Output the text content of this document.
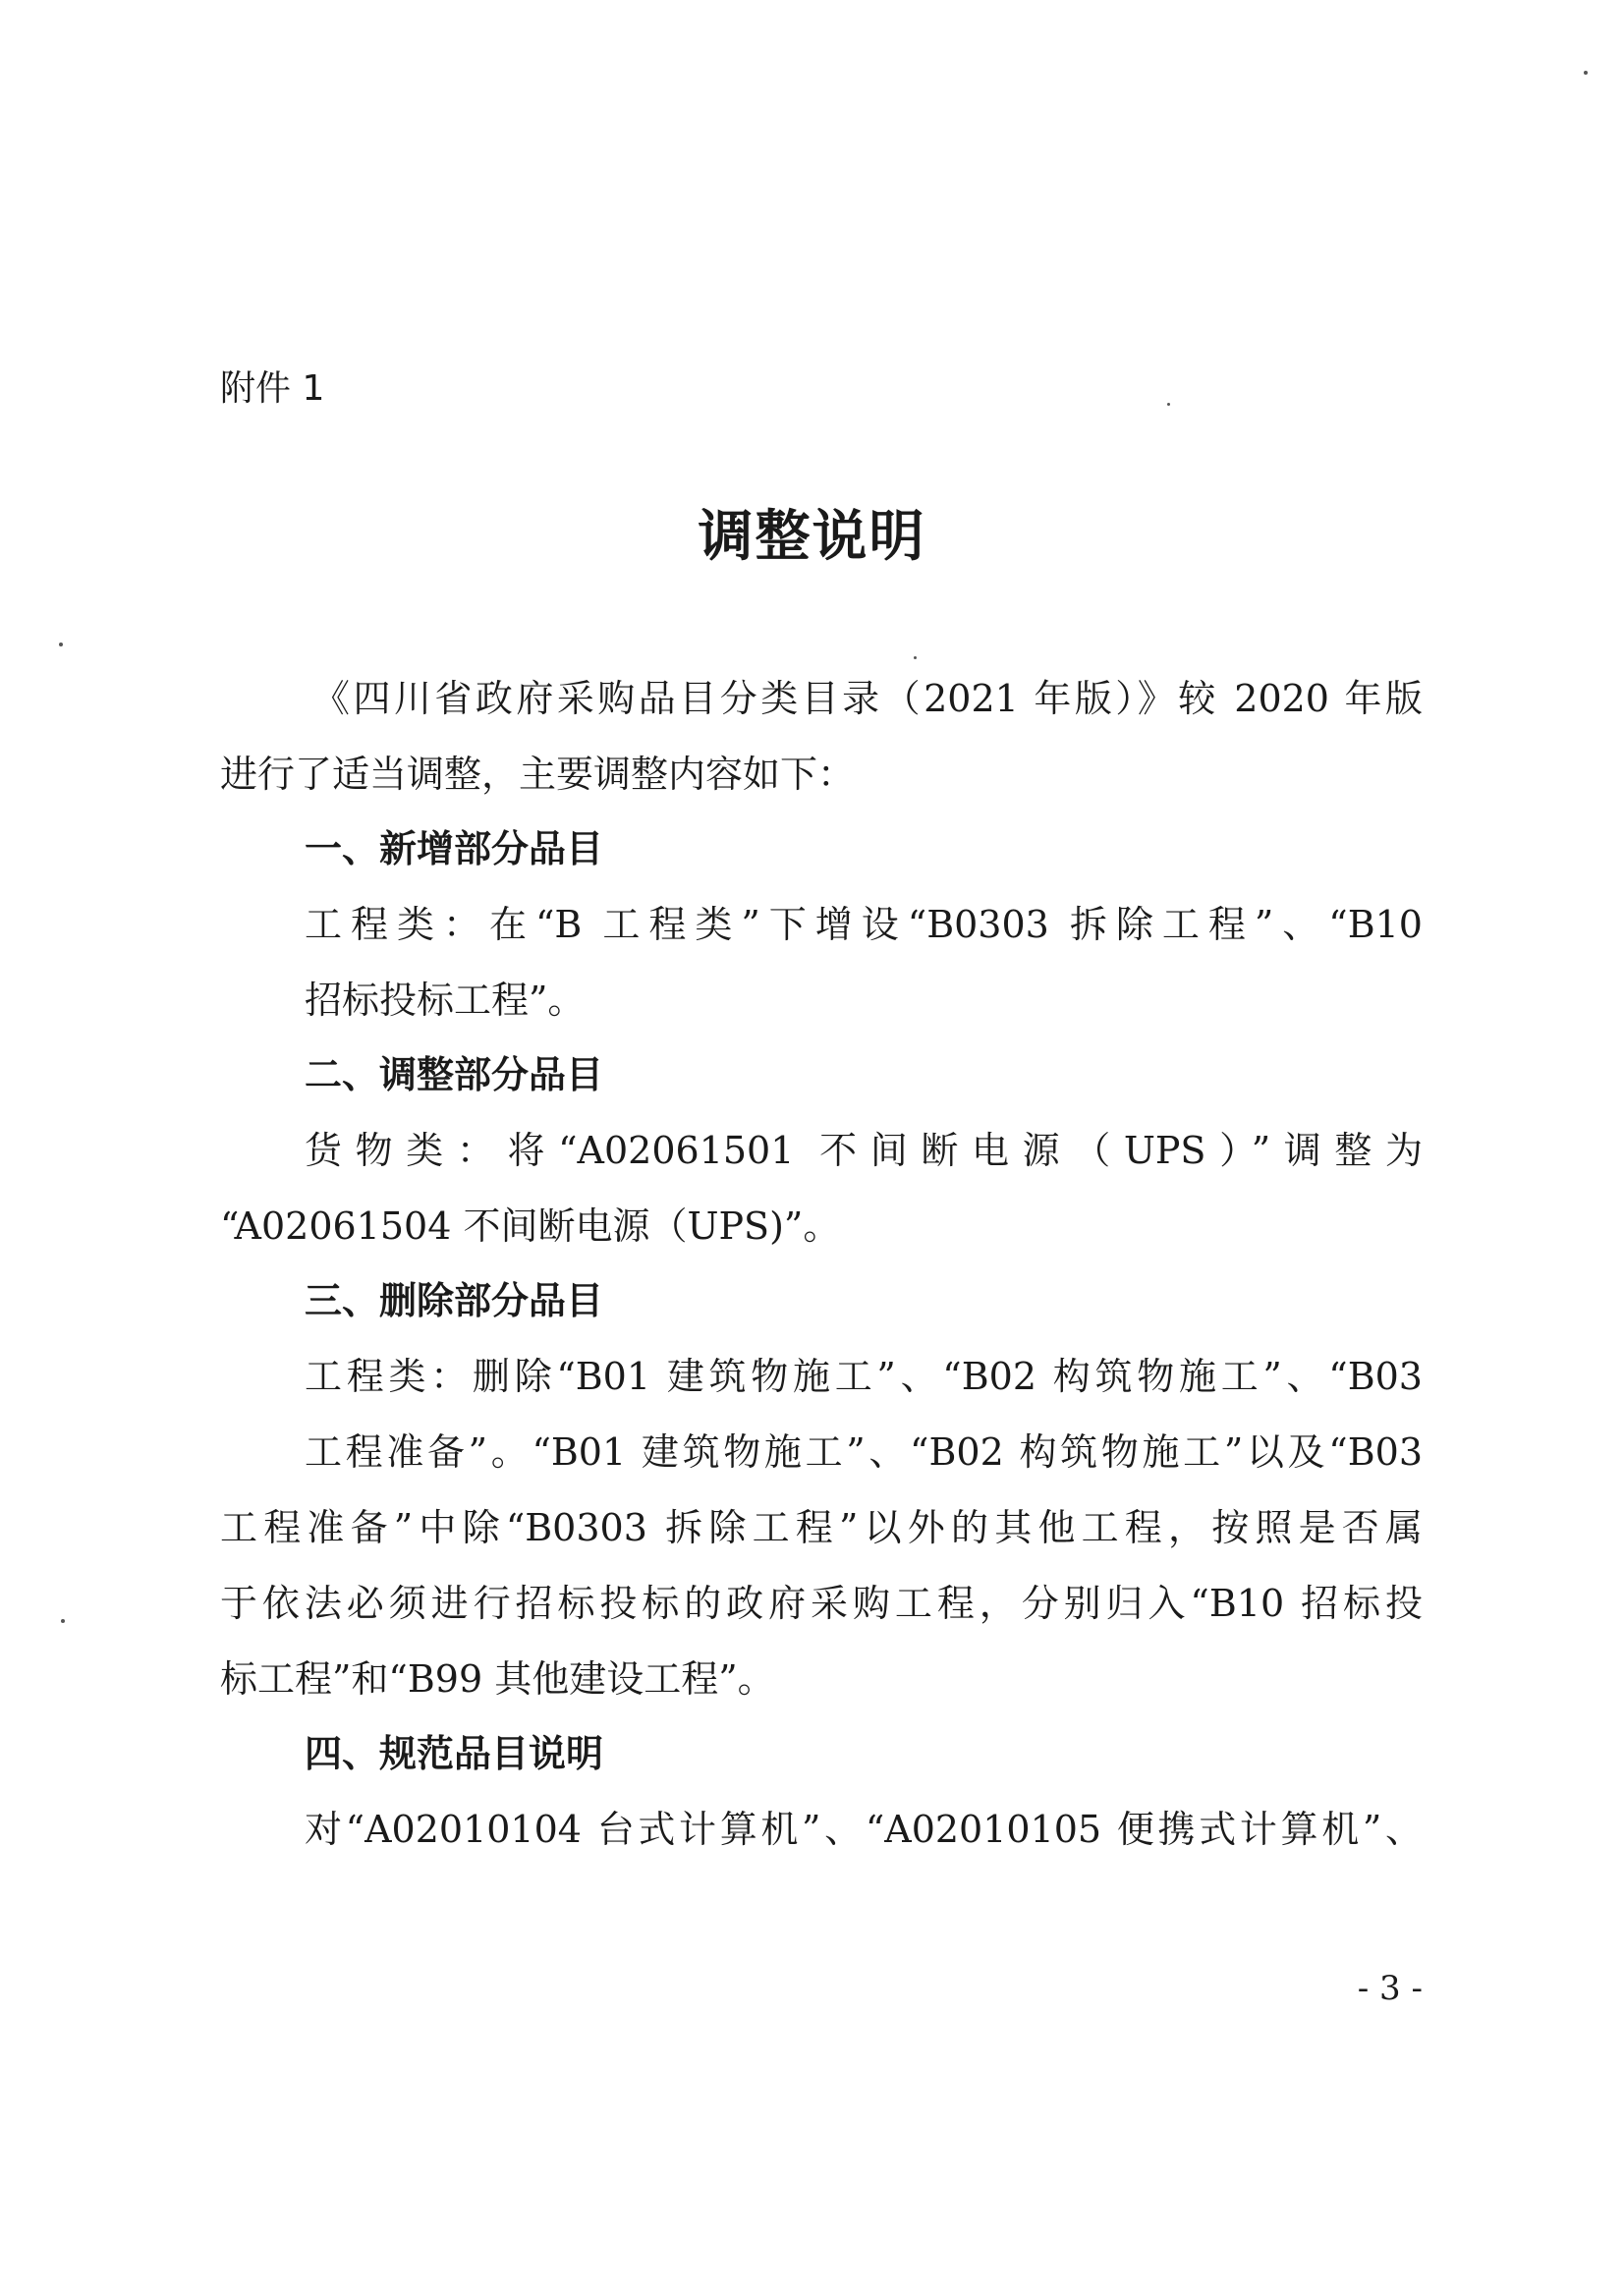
附件 1
调整说明
《四川省政府采购品目分类目录（2021 年版）》较 2020 年版
进行了适当调整，主要调整内容如下：
一、新增部分品目
工程类：在“B 工程类”下增设“B0303 拆除工程”、“B10
招标投标工程”。
二、调整部分品目
货物类：将“A02061501 不间断电源（UPS）”调整为
“A02061504 不间断电源（UPS)”。
三、删除部分品目
工程类：删除“B01 建筑物施工”、“B02 构筑物施工”、“B03
工程准备”。“B01 建筑物施工”、“B02 构筑物施工”以及“B03
工程准备”中除“B0303 拆除工程”以外的其他工程，按照是否属
于依法必须进行招标投标的政府采购工程，分别归入“B10 招标投
标工程”和“B99 其他建设工程”。
四、规范品目说明
对“A02010104 台式计算机”、“A02010105 便携式计算机”、
- 3 -
